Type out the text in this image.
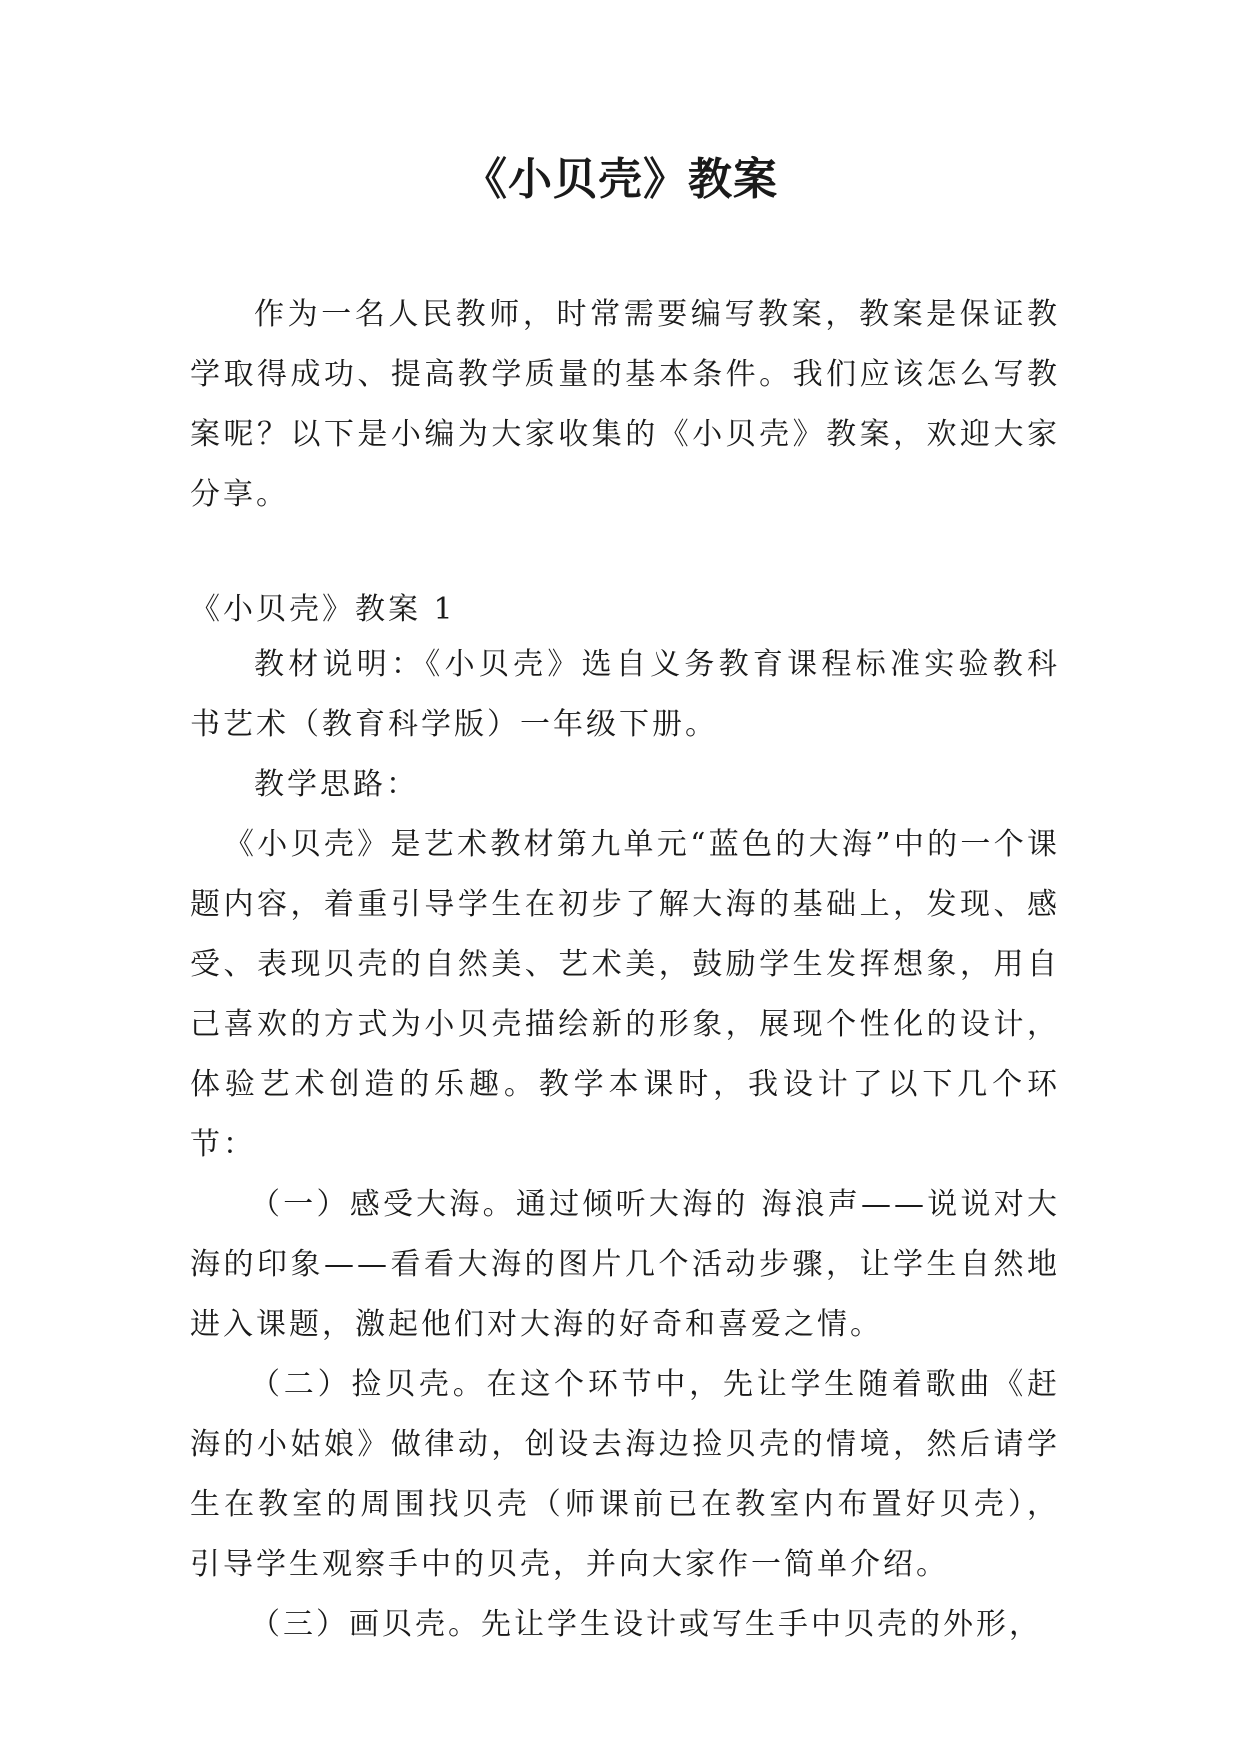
《小贝壳》教案

作为一名人民教师，时常需要编写教案，教案是保证教学取得成功、提高教学质量的基本条件。我们应该怎么写教案呢？以下是小编为大家收集的《小贝壳》教案，欢迎大家分享。

《小贝壳》教案 1

教材说明：《小贝壳》选自义务教育课程标准实验教科书艺术（教育科学版）一年级下册。

教学思路：

《小贝壳》是艺术教材第九单元“蓝色的大海”中的一个课题内容，着重引导学生在初步了解大海的基础上，发现、感受、表现贝壳的自然美、艺术美，鼓励学生发挥想象，用自己喜欢的方式为小贝壳描绘新的形象，展现个性化的设计，体验艺术创造的乐趣。教学本课时，我设计了以下几个环节：

（一）感受大海。通过倾听大海的 海浪声——说说对大海的印象——看看大海的图片几个活动步骤，让学生自然地进入课题，激起他们对大海的好奇和喜爱之情。

（二）捡贝壳。在这个环节中，先让学生随着歌曲《赶海的小姑娘》做律动，创设去海边捡贝壳的情境，然后请学生在教室的周围找贝壳（师课前已在教室内布置好贝壳），引导学生观察手中的贝壳，并向大家作一简单介绍。

（三）画贝壳。先让学生设计或写生手中贝壳的外形，
